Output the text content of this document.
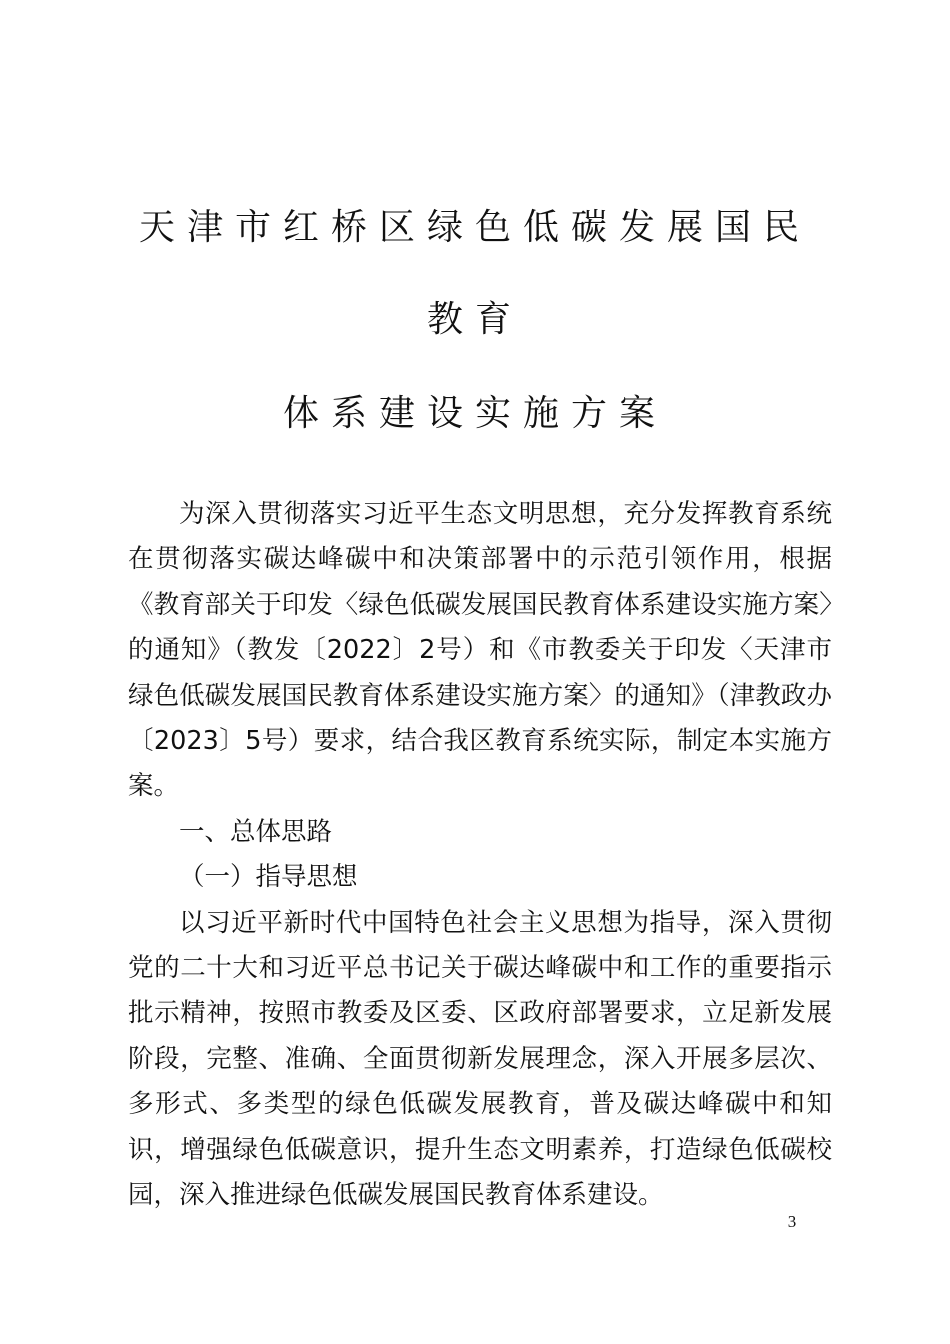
天津市红桥区绿色低碳发展国民
教育
体系建设实施方案

为深入贯彻落实习近平生态文明思想，充分发挥教育系统在贯彻落实碳达峰碳中和决策部署中的示范引领作用，根据《教育部关于印发〈绿色低碳发展国民教育体系建设实施方案〉的通知》（教发〔2022〕2号）和《市教委关于印发〈天津市绿色低碳发展国民教育体系建设实施方案〉的通知》（津教政办〔2023〕5号）要求，结合我区教育系统实际，制定本实施方案。

一、总体思路

（一）指导思想

以习近平新时代中国特色社会主义思想为指导，深入贯彻党的二十大和习近平总书记关于碳达峰碳中和工作的重要指示批示精神，按照市教委及区委、区政府部署要求，立足新发展阶段，完整、准确、全面贯彻新发展理念，深入开展多层次、多形式、多类型的绿色低碳发展教育，普及碳达峰碳中和知识，增强绿色低碳意识，提升生态文明素养，打造绿色低碳校园，深入推进绿色低碳发展国民教育体系建设。

3
